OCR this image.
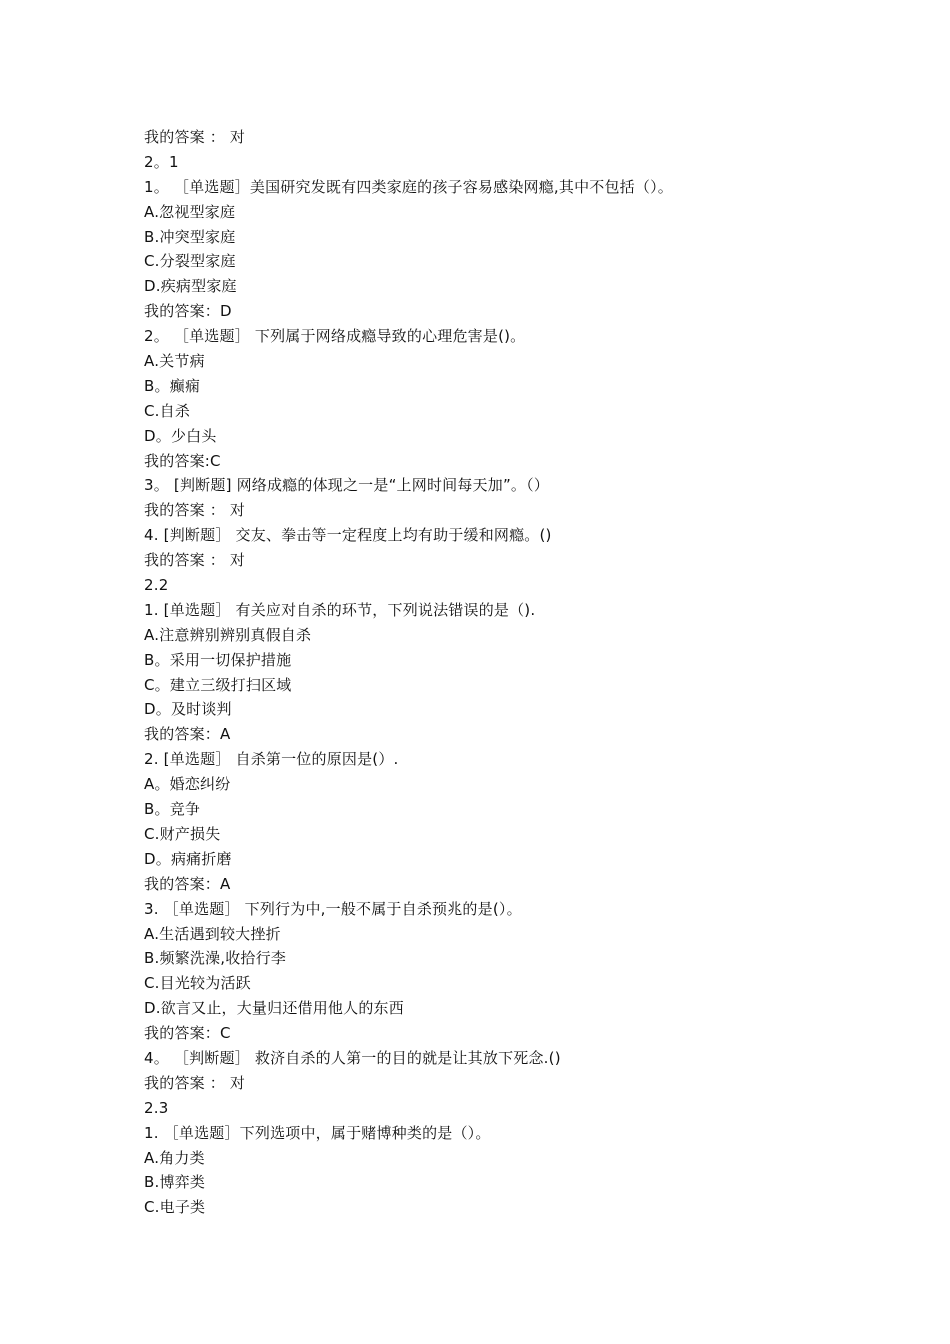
我的答案 ： 对
2。1
1。 ［单选题］美国研究发既有四类家庭的孩子容易感染网瘾,其中不包括（）。
A.忽视型家庭
B.冲突型家庭
C.分裂型家庭
D.疾病型家庭
我的答案：D
2。 ［单选题］ 下列属于网络成瘾导致的心理危害是()。
A.关节病
B。癫痫
C.自杀
D。少白头
我的答案:C
3。 [判断题] 网络成瘾的体现之一是“上网时间每天加”。（）
我的答案 ： 对
4. [判断题］ 交友、拳击等一定程度上均有助于缓和网瘾。()
我的答案 ： 对
2.2
1. [单选题］ 有关应对自杀的环节，下列说法错误的是（).
A.注意辨别辨别真假自杀
B。采用一切保护措施
C。建立三级打扫区域
D。及时谈判
我的答案：A
2. [单选题］ 自杀第一位的原因是(）.
A。婚恋纠纷
B。竞争
C.财产损失
D。病痛折磨
我的答案：A
3. ［单选题］ 下列行为中,一般不属于自杀预兆的是(）。
A.生活遇到较大挫折
B.频繁洗澡,收拾行李
C.目光较为活跃
D.欲言又止，大量归还借用他人的东西
我的答案：C
4。 ［判断题］ 救济自杀的人第一的目的就是让其放下死念.()
我的答案 ： 对
2.3
1. ［单选题］下列选项中，属于赌博种类的是（）。
A.角力类
B.博弈类
C.电子类
